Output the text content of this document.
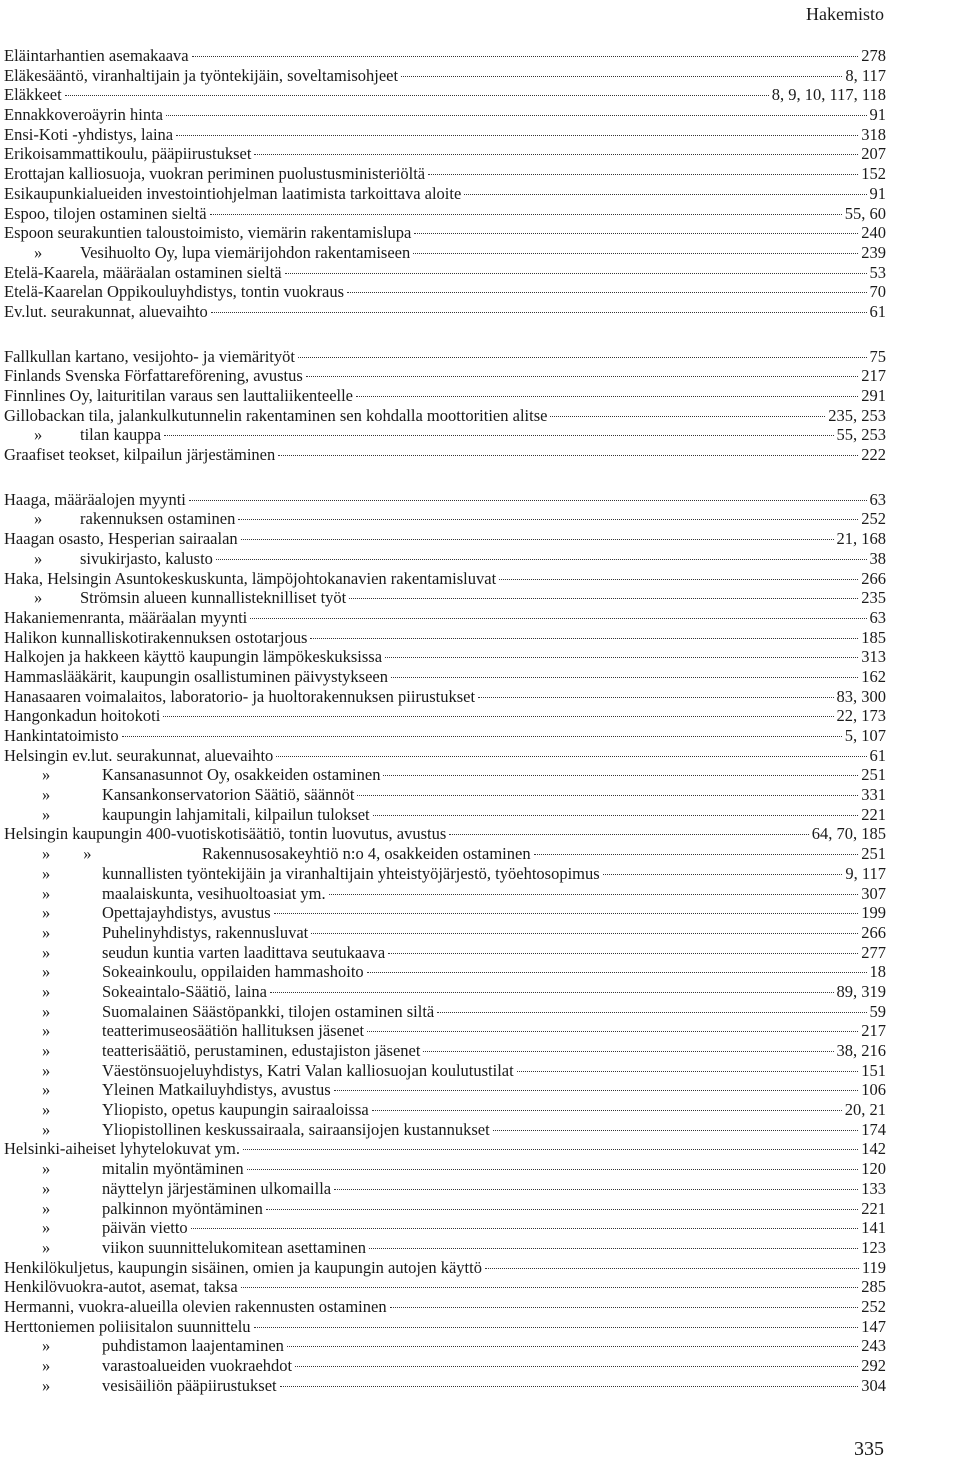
Hakemisto
Eläintarhantien asemakaava	278
Eläkesääntö, viranhaltijain ja työntekijäin, soveltamisohjeet	8, 117
Eläkkeet	8, 9, 10, 117, 118
Ennakkoveroäyrin hinta	91
Ensi-Koti -yhdistys, laina	318
Erikoisammattikoulu, pääpiirustukset	207
Erottajan kalliosuoja, vuokran periminen puolustusministeriöltä	152
Esikaupunkialueiden investointiohjelman laatimista tarkoittava aloite	91
Espoo, tilojen ostaminen sieltä	55, 60
Espoon seurakuntien taloustoimisto, viemärin rakentamislupa	240
»	Vesihuolto Oy, lupa viemärijohdon rakentamiseen	239
Etelä-Kaarela, määräalan ostaminen sieltä	53
Etelä-Kaarelan Oppikouluyhdistys, tontin vuokraus	70
Ev.lut. seurakunnat, aluevaihto	61
Fallkullan kartano, vesijohto- ja viemärityöt	75
Finlands Svenska Författareförening, avustus	217
Finnlines Oy, laituritilan varaus sen lauttaliikenteelle	291
Gillobackan tila, jalankulkutunnelin rakentaminen sen kohdalla moottoritien alitse	235, 253
»	tilan kauppa	55, 253
Graafiset teokset, kilpailun järjestäminen	222
Haaga, määräalojen myynti	63
»	rakennuksen ostaminen	252
Haagan osasto, Hesperian sairaalan	21, 168
»	sivukirjasto, kalusto	38
Haka, Helsingin Asuntokeskuskunta, lämpöjohtokanavien rakentamisluvat	266
»	Strömsin alueen kunnallisteknilliset työt	235
Hakaniemenranta, määräalan myynti	63
Halikon kunnalliskotirakennuksen ostotarjous	185
Halkojen ja hakkeen käyttö kaupungin lämpökeskuksissa	313
Hammaslääkärit, kaupungin osallistuminen päivystykseen	162
Hanasaaren voimalaitos, laboratorio- ja huoltorakennuksen piirustukset	83, 300
Hangonkadun hoitokoti	22, 173
Hankintatoimisto	5, 107
Helsingin ev.lut. seurakunnat, aluevaihto	61
»	Kansanasunnot Oy, osakkeiden ostaminen	251
»	Kansankonservatorion Säätiö, säännöt	331
»	kaupungin lahjamitali, kilpailun tulokset	221
Helsingin kaupungin 400-vuotiskotisäätiö, tontin luovutus, avustus	64, 70, 185
»  »	Rakennusosakeyhtiö n:o 4, osakkeiden ostaminen	251
»	kunnallisten työntekijäin ja viranhaltijain yhteistyöjärjestö, työehtosopimus	9, 117
»	maalaiskunta, vesihuoltoasiat ym.	307
»	Opettajayhdistys, avustus	199
»	Puhelinyhdistys, rakennusluvat	266
»	seudun kuntia varten laadittava seutukaava	277
»	Sokeainkoulu, oppilaiden hammashoito	18
»	Sokeaintalo-Säätiö, laina	89, 319
»	Suomalainen Säästöpankki, tilojen ostaminen siltä	59
»	teatterimuseosäätiön hallituksen jäsenet	217
»	teatterisäätiö, perustaminen, edustajiston jäsenet	38, 216
»	Väestönsuojeluyhdistys, Katri Valan kalliosuojan koulutustilat	151
»	Yleinen Matkailuyhdistys, avustus	106
»	Yliopisto, opetus kaupungin sairaaloissa	20, 21
»	Yliopistollinen keskussairaala, sairaansijojen kustannukset	174
Helsinki-aiheiset lyhytelokuvat ym.	142
»	mitalin myöntäminen	120
»	näyttelyn järjestäminen ulkomailla	133
»	palkinnon myöntäminen	221
»	päivän vietto	141
»	viikon suunnittelukomitean asettaminen	123
Henkilökuljetus, kaupungin sisäinen, omien ja kaupungin autojen käyttö	119
Henkilövuokra-autot, asemat, taksa	285
Hermanni, vuokra-alueilla olevien rakennusten ostaminen	252
Herttoniemen poliisitalon suunnittelu	147
»	puhdistamon laajentaminen	243
»	varastoalueiden vuokraehdot	292
»	vesisäiliön pääpiirustukset	304
335
